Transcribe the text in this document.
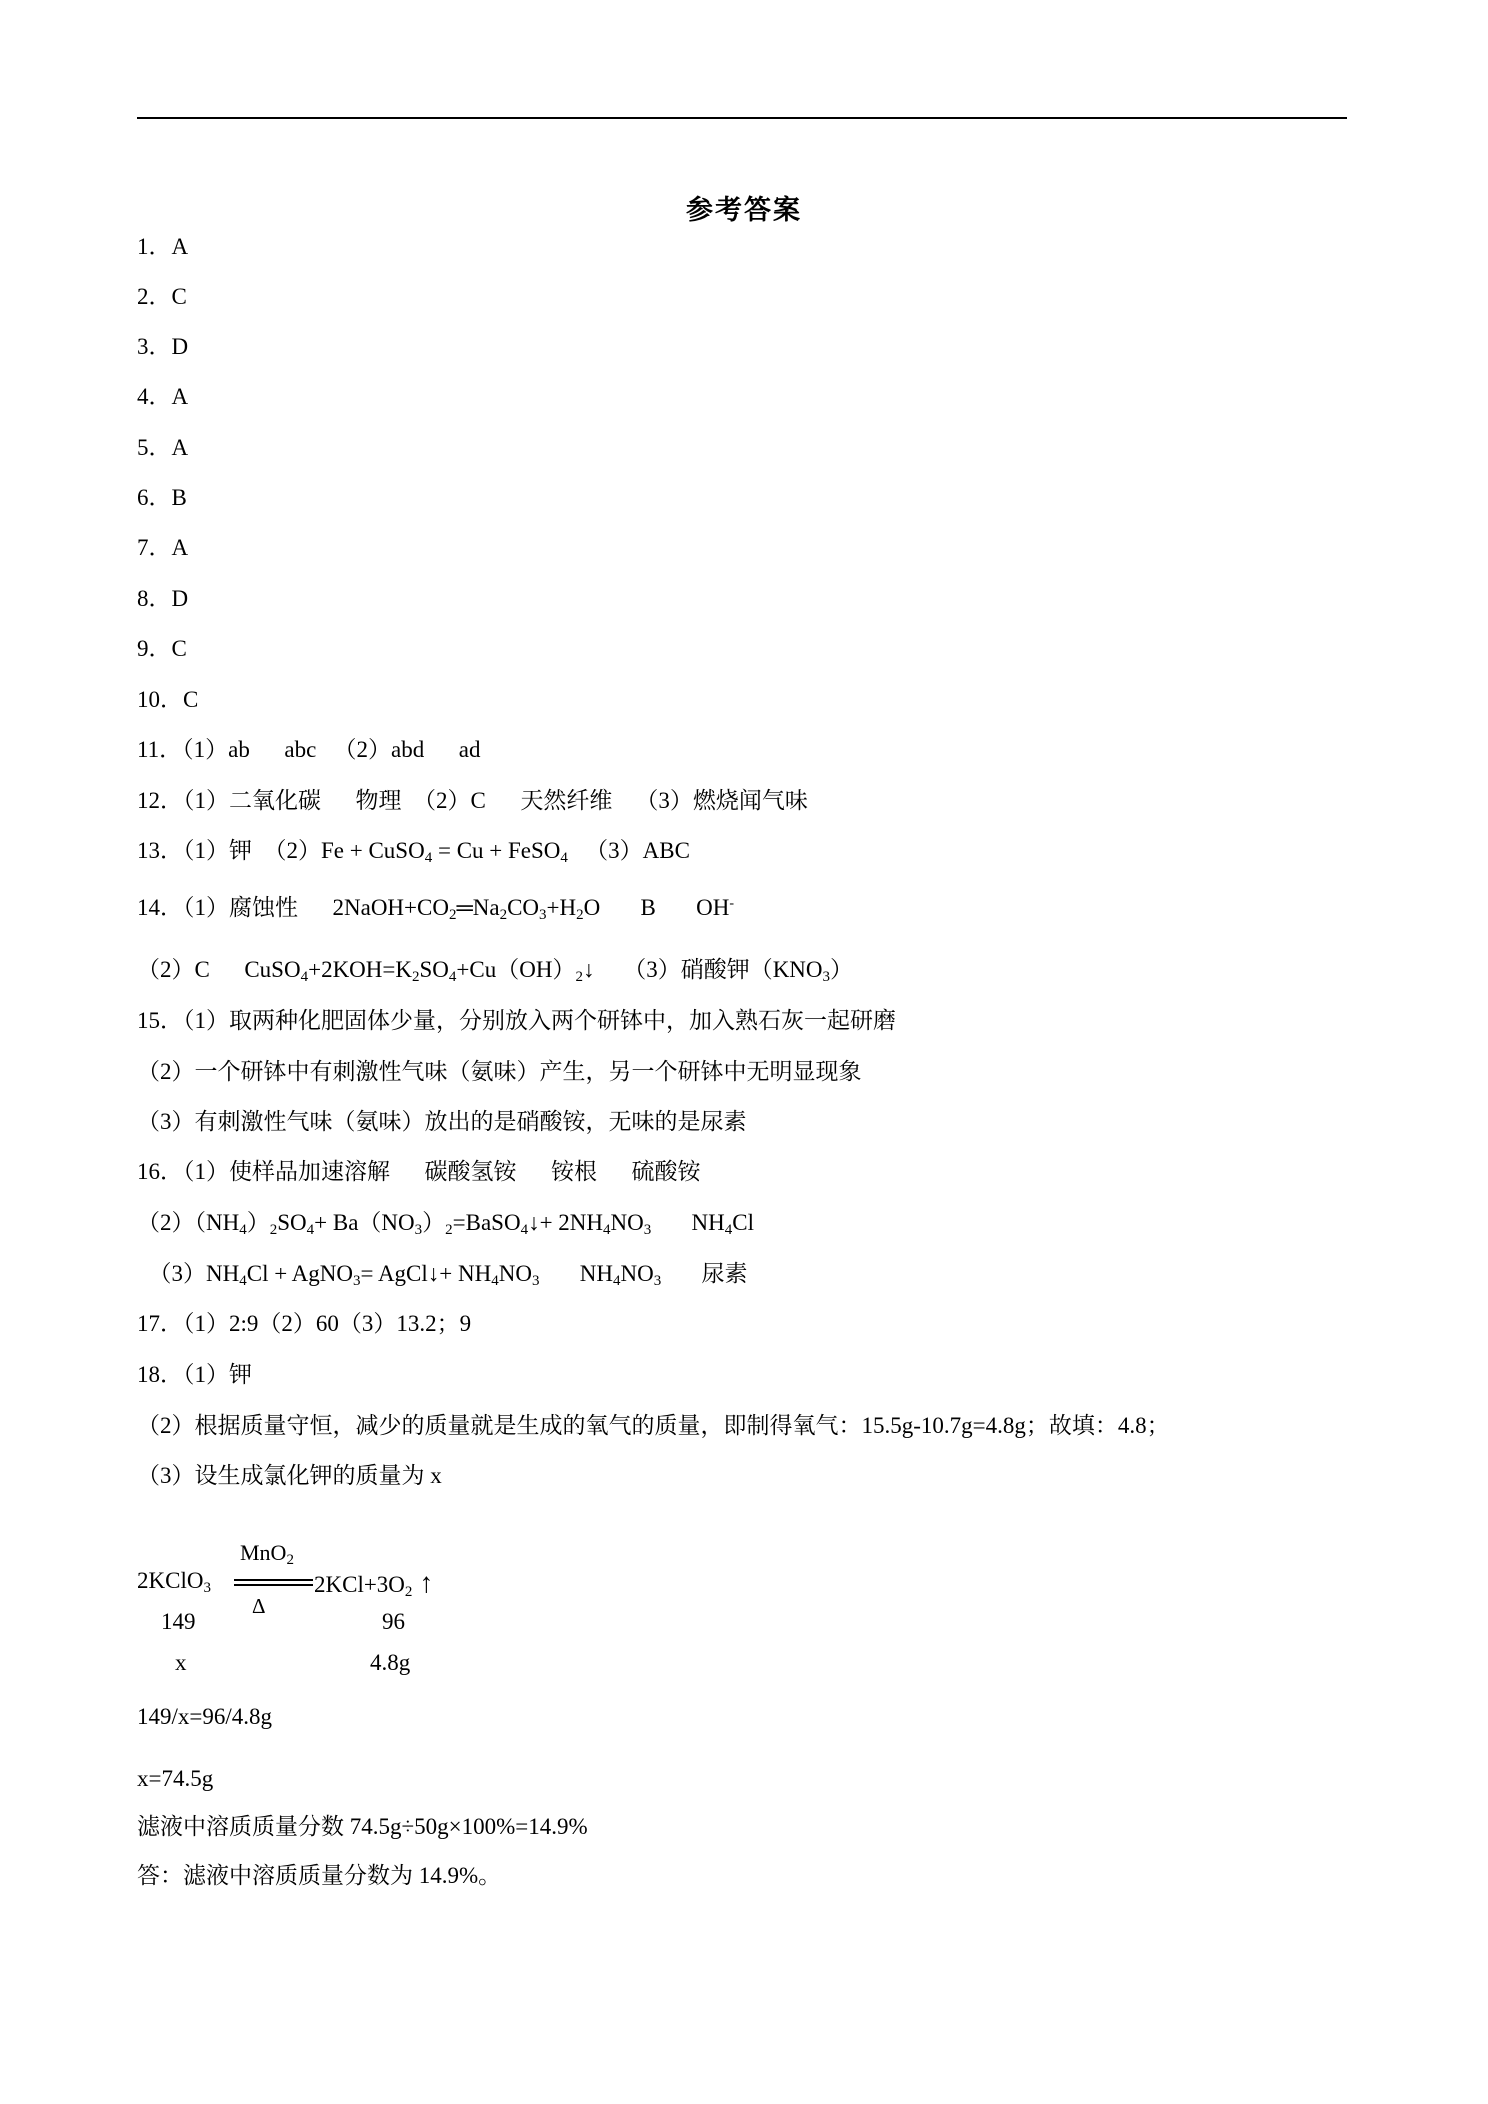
参考答案
1．A
2．C
3．D
4．A
5．A
6．B
7．A
8．D
9．C
10．C
11．（1）ab      abc   （2）abd      ad
12．（1）二氧化碳      物理  （2）C      天然纤维    （3）燃烧闻气味
13．（1）钾  （2）Fe + CuSO$_4$ = Cu + FeSO$_4$   （3）ABC
14．（1）腐蚀性      $2NaOH+CO_2═Na_2CO_3+H_2O$       B       OH-
（2）C      $CuSO_4+2KOH=K_2SO_4+Cu(OH)_2↓$     （3）硝酸钾$(KNO_3)$
15．（1）取两种化肥固体少量，分别放入两个研钵中，加入熟石灰一起研磨
（2）一个研钵中有刺激性气味（氨味）产生，另一个研钵中无明显现象
（3）有刺激性气味（氨味）放出的是硝酸铵，无味的是尿素
16．（1）使样品加速溶解      碳酸氢铵      铵根      硫酸铵
$(2)(NH_4)_2SO_4+$ $Ba(NO_3)_2=BaSO_4↓+ 2NH_4NO_3$       $NH_4Cl$
$(3)NH_4Cl$ + AgNO$_3$= AgCl↓+ $NH_4NO_3$       $NH_4NO_3$       尿素
17．（1）2:9（2）60（3）13.2；9
18．（1）钾
（2）根据质量守恒，减少的质量就是生成的氧气的质量，即制得氧气：15.5g-10.7g=4.8g；故填：4.8；
（3）设生成氯化钾的质量为 x
MnO$_2$
2KClO$_3$	$2KCl+3O_2$ ↑
Δ
149	96
x	4.8g
149/x=96/4.8g
x=74.5g
滤液中溶质质量分数 74.5g÷50g×100%=14.9%
答：滤液中溶质质量分数为 14.9%。
